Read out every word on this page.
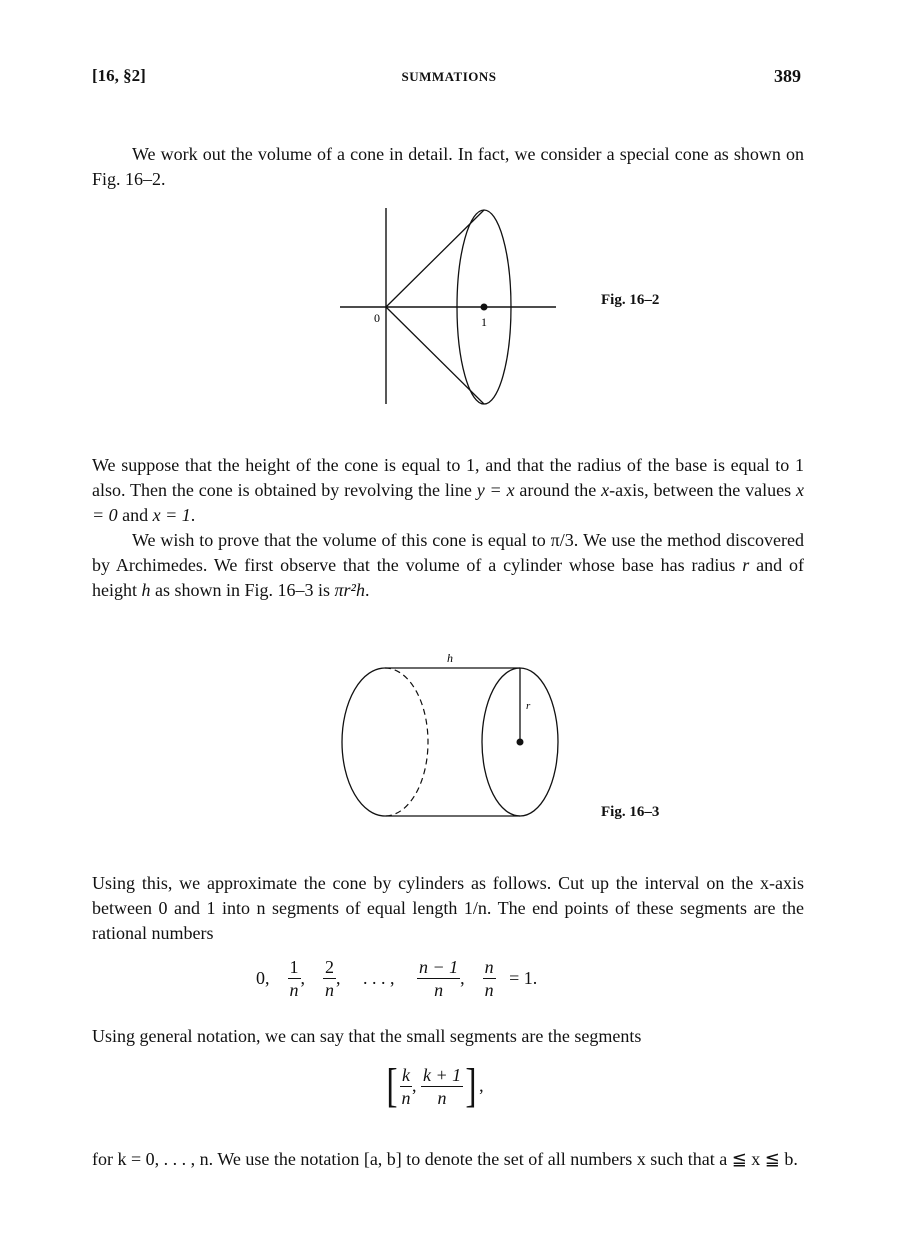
[16, §2]	SUMMATIONS	389
We work out the volume of a cone in detail. In fact, we consider a special cone as shown on Fig. 16–2.
0	1
Fig. 16–2
We suppose that the height of the cone is equal to 1, and that the radius of the base is equal to 1 also. Then the cone is obtained by revolving the line y = x around the x-axis, between the values x = 0 and x = 1.
We wish to prove that the volume of this cone is equal to π/3. We use the method discovered by Archimedes. We first observe that the volume of a cylinder whose base has radius r and of height h as shown in Fig. 16–3 is πr²h.
h
r
Fig. 16–3
Using this, we approximate the cone by cylinders as follows. Cut up the interval on the x-axis between 0 and 1 into n segments of equal length 1/n. The end points of these segments are the rational numbers
0, $\frac{1}{n}$ , $\frac{2}{n}$ , . . . , $\frac{n - 1}{n}$ , $\frac{n}{n} = 1$.
Using general notation, we can say that the small segments are the segments
[ $\frac{k}{n}$ , $\frac{k + 1}{n}$ ] ,
for k = 0, . . . , n. We use the notation [a, b] to denote the set of all numbers x such that a ≦ x ≦ b.
